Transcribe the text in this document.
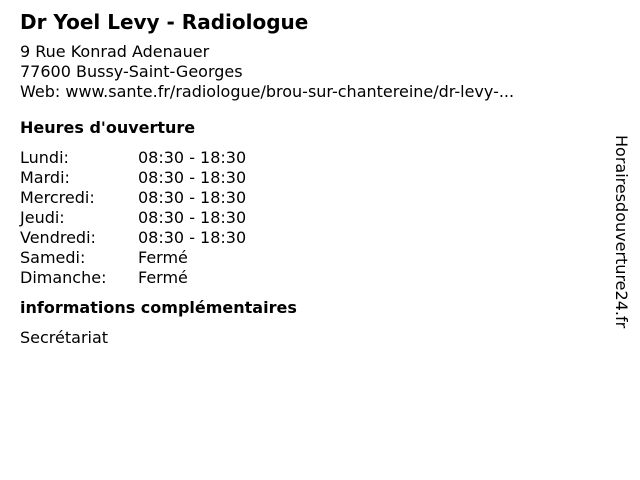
Dr Yoel Levy - Radiologue
9 Rue Konrad Adenauer
77600 Bussy-Saint-Georges
Web: www.sante.fr/radiologue/brou-sur-chantereine/dr-levy-...
Heures d'ouverture
Lundi:	08:30 - 18:30
Mardi:	08:30 - 18:30
Mercredi:	08:30 - 18:30
Jeudi:	08:30 - 18:30
Vendredi:	08:30 - 18:30
Samedi:	Fermé
Dimanche:	Fermé
informations complémentaires
Secrétariat
Horairesdouverture24.fr
